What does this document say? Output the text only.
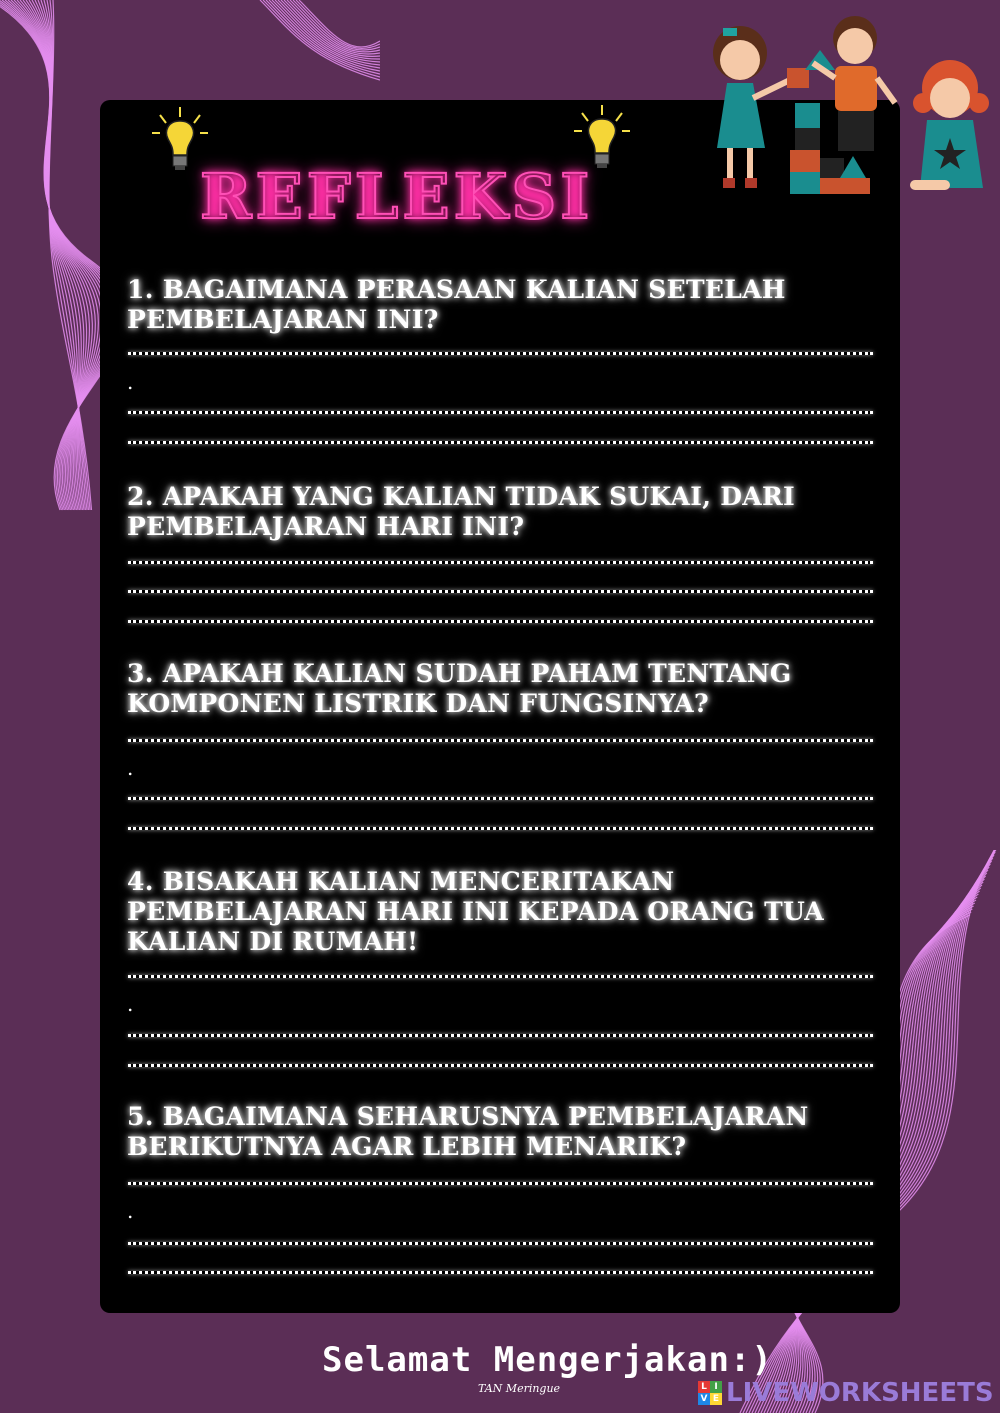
REFLEKSI
1. BAGAIMANA PERASAAN KALIAN SETELAH PEMBELAJARAN INI?
.
2. APAKAH YANG KALIAN TIDAK SUKAI, DARI PEMBELAJARAN HARI INI?
3. APAKAH KALIAN SUDAH PAHAM TENTANG KOMPONEN LISTRIK DAN FUNGSINYA?
.
4. BISAKAH KALIAN MENCERITAKAN PEMBELAJARAN HARI INI KEPADA ORANG TUA KALIAN DI RUMAH!
.
5. BAGAIMANA SEHARUSNYA PEMBELAJARAN BERIKUTNYA AGAR LEBIH MENARIK?
.
Selamat Mengerjakan:)
TAN Meringue	L I
V E LIVEWORKSHEETS
